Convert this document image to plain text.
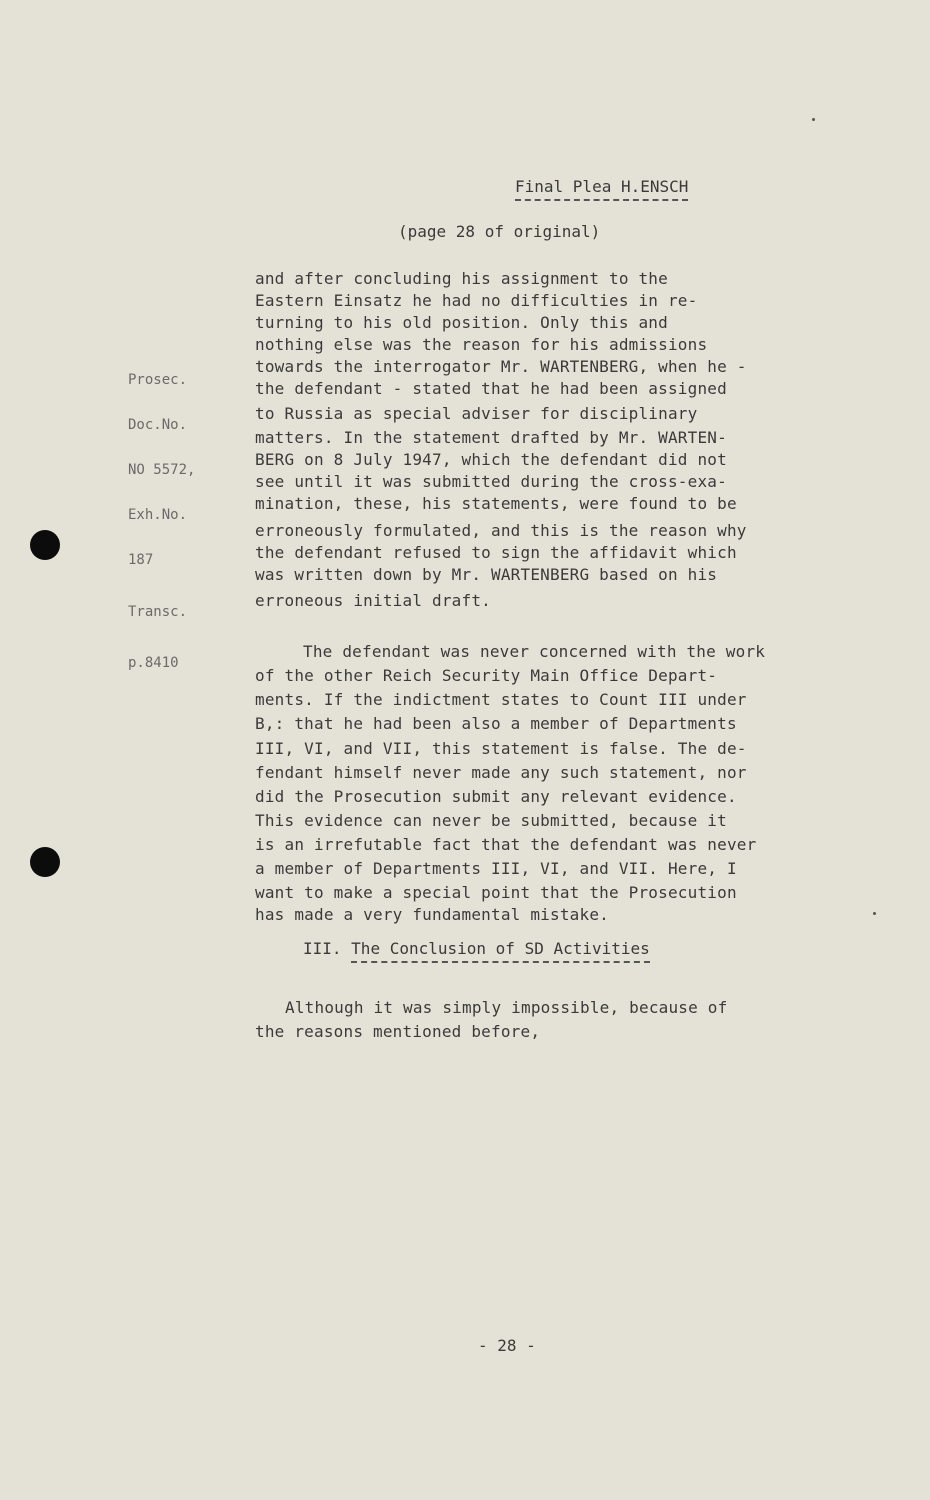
Final Plea H.ENSCH
(page 28 of original)

Prosec.

Doc.No.

NO 5572,

Exh.No.

187

Transc.

p.8410

and after concluding his assignment to the

Eastern Einsatz he had no difficulties in re-

turning to his old position. Only this and

nothing else was the reason for his admissions

towards the interrogator Mr. WARTENBERG, when he -

the defendant - stated that he had been assigned

to Russia as special adviser for disciplinary

matters. In the statement drafted by Mr. WARTEN-

BERG on 8 July 1947, which the defendant did not

see until it was submitted during the cross-exa-

mination, these, his statements, were found to be

erroneously formulated, and this is the reason why

the defendant refused to sign the affidavit which

was written down by Mr. WARTENBERG based on his

erroneous initial draft.

The defendant was never concerned with the work

of the other Reich Security Main Office Depart-

ments. If the indictment states to Count III under

B,: that he had been also a member of Departments

III, VI, and VII, this statement is false. The de-

fendant himself never made any such statement, nor

did the Prosecution submit any relevant evidence.

This evidence can never be submitted, because it

is an irrefutable fact that the defendant was never

a member of Departments III, VI, and VII. Here, I

want to make a special point that the Prosecution

has made a very fundamental mistake.

III. The Conclusion of SD Activities

Although it was simply impossible, because of

the reasons mentioned before,

- 28 -
